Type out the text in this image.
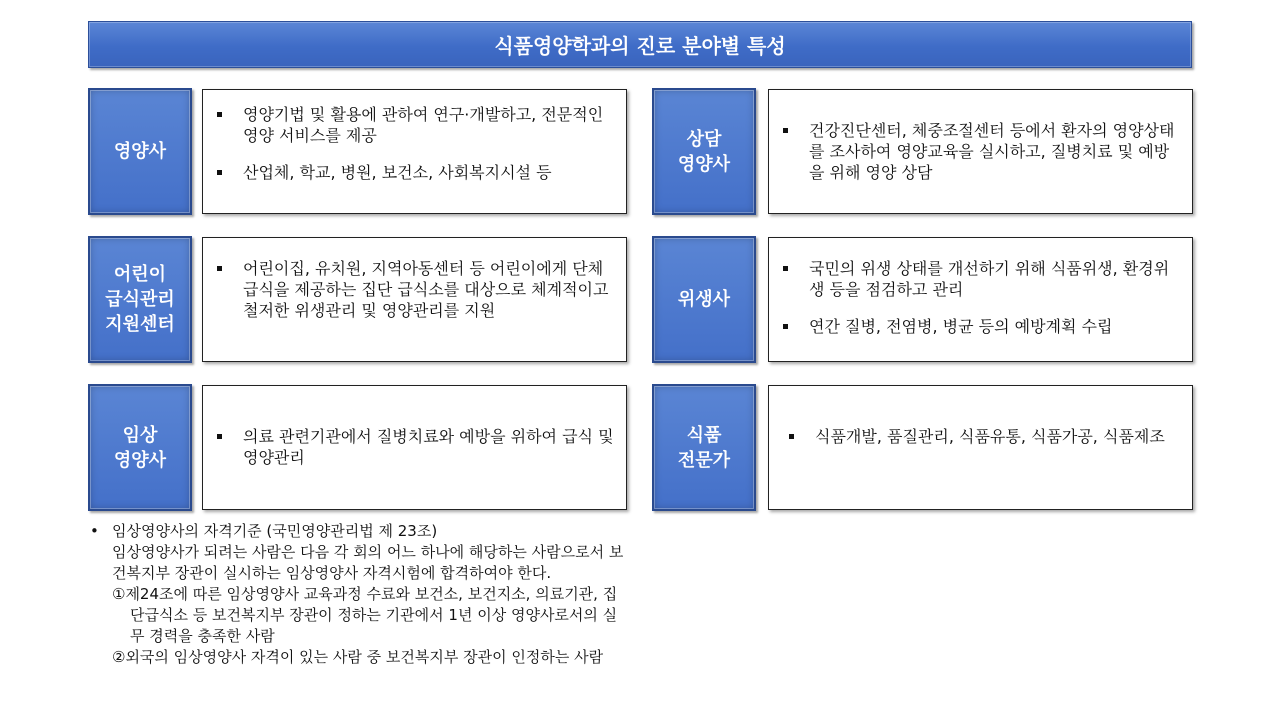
식품영양학과의 진로 분야별 특성
영양사
영양기법 및 활용에 관하여 연구·개발하고, 전문적인 영양 서비스를 제공
산업체, 학교, 병원, 보건소, 사회복지시설 등
상담
영양사
건강진단센터, 체중조절센터 등에서 환자의 영양상태를 조사하여 영양교육을 실시하고, 질병치료 및 예방을 위해 영양 상담
어린이
급식관리
지원센터
어린이집, 유치원, 지역아동센터 등 어린이에게 단체급식을 제공하는 집단 급식소를 대상으로 체계적이고 철저한 위생관리 및 영양관리를 지원
위생사
국민의 위생 상태를 개선하기 위해 식품위생, 환경위생 등을 점검하고 관리
연간 질병, 전염병, 병균 등의 예방계획 수립
임상
영양사
의료 관련기관에서 질병치료와 예방을 위하여 급식 및 영양관리
식품
전문가
식품개발, 품질관리, 식품유통, 식품가공, 식품제조
• 임상영양사의 자격기준 (국민영양관리법 제 23조)
임상영양사가 되려는 사람은 다음 각 회의 어느 하나에 해당하는 사람으로서 보건복지부 장관이 실시하는 임상영양사 자격시험에 합격하여야 한다.
①제24조에 따른 임상영양사 교육과정 수료와 보건소, 보건지소, 의료기관, 집단급식소 등 보건복지부 장관이 정하는 기관에서 1년 이상 영양사로서의 실무 경력을 충족한 사람
②외국의 임상영양사 자격이 있는 사람 중 보건복지부 장관이 인정하는 사람
